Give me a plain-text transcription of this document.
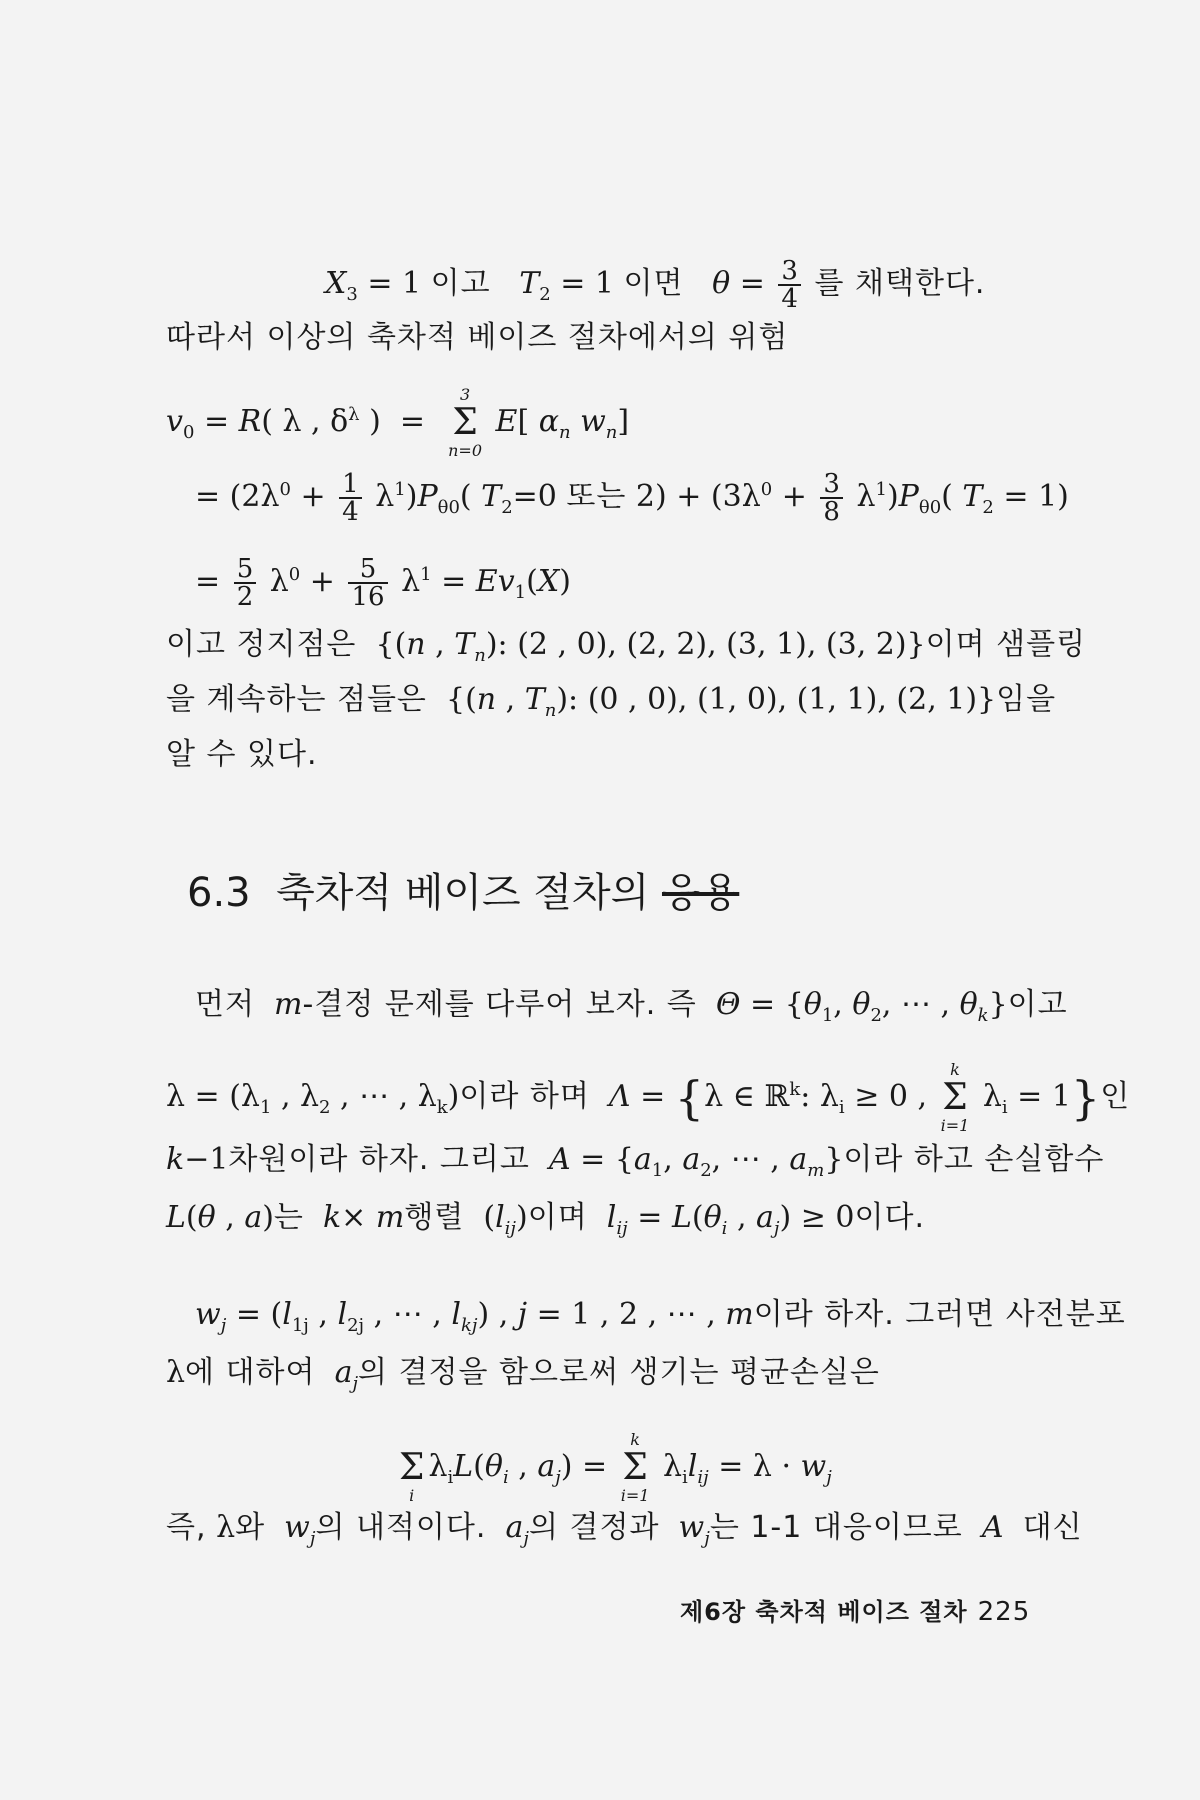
$X_3 = 1$ 이고 $T_2 = 1$ 이면 $\theta = \frac{3}{4}$ 를 채택한다.
따라서 이상의 축차적 베이즈 절차에서의 위험
$v_0 = R$( λ , $\delta^\lambda$ )  =
3
Σ
n=0
E[ $\alpha_n$ $w_n$]
= $(2\lambda^0 + \frac{1}{4} \lambda^1)P_{\theta 0}$( $T_2=0$ 또는 $2) + (3\lambda^0 + \frac{3}{8} \lambda^1)P_{\theta 0}$( $T_2 = 1$)
= $\frac{5}{2} \lambda^0 + \frac{5}{16} \lambda^1 = Ev_1(X)$
이고 정지점은  {(n , $T_n$): (2 , 0), (2, 2), (3, 1), (3, 2)}이며 샘플링
을 계속하는 점들은  {(n , $T_n$): (0 , 0), (1, 0), (1, 1), (2, 1)}임을
알 수 있다.
6.3 축차적 베이즈 절차의 응용
먼저 m-결정 문제를 다루어 보자. 즉 $\Theta = \{\theta_1$, $\theta_2$, ⋯ , $\theta_k$}이고
$\lambda = (\lambda_1$ , $\lambda_2$ , ⋯ , $\lambda_k$)이라 하며 Λ = {λ ∈ ℝ$^k$: $\lambda_i \ge 0$ ,
k
Σ
i=1
$\lambda_i = 1$}인
k−1차원이라 하자. 그리고 $A = \{a_1$, $a_2$, ⋯ , $a_m$}이라 하고 손실함수
L(θ , a)는 k× m행렬  $(l_{ij})$이며 $l_{ij} = L(\theta_i$ , $a_j) \ge 0$이다.
$w_j = (l_{1j}$ , $l_{2j}$ , ⋯ , $l_{kj}$) , j = 1 , 2 , ⋯ , m이라 하자. 그러면 사전분포
λ에 대하여 $a_j$의 결정을 함으로써 생기는 평균손실은

Σ
i
$\lambda_iL(\theta_i$ , $a_j$) =
k
Σ
i=1
$\lambda_il_{ij} = \lambda \cdot w_j$
즉, λ와 $w_j$의 내적이다. $a_j$의 결정과 $w_j$는 1-1 대응이므로 A 대신
제6장 축차적 베이즈 절차 225
